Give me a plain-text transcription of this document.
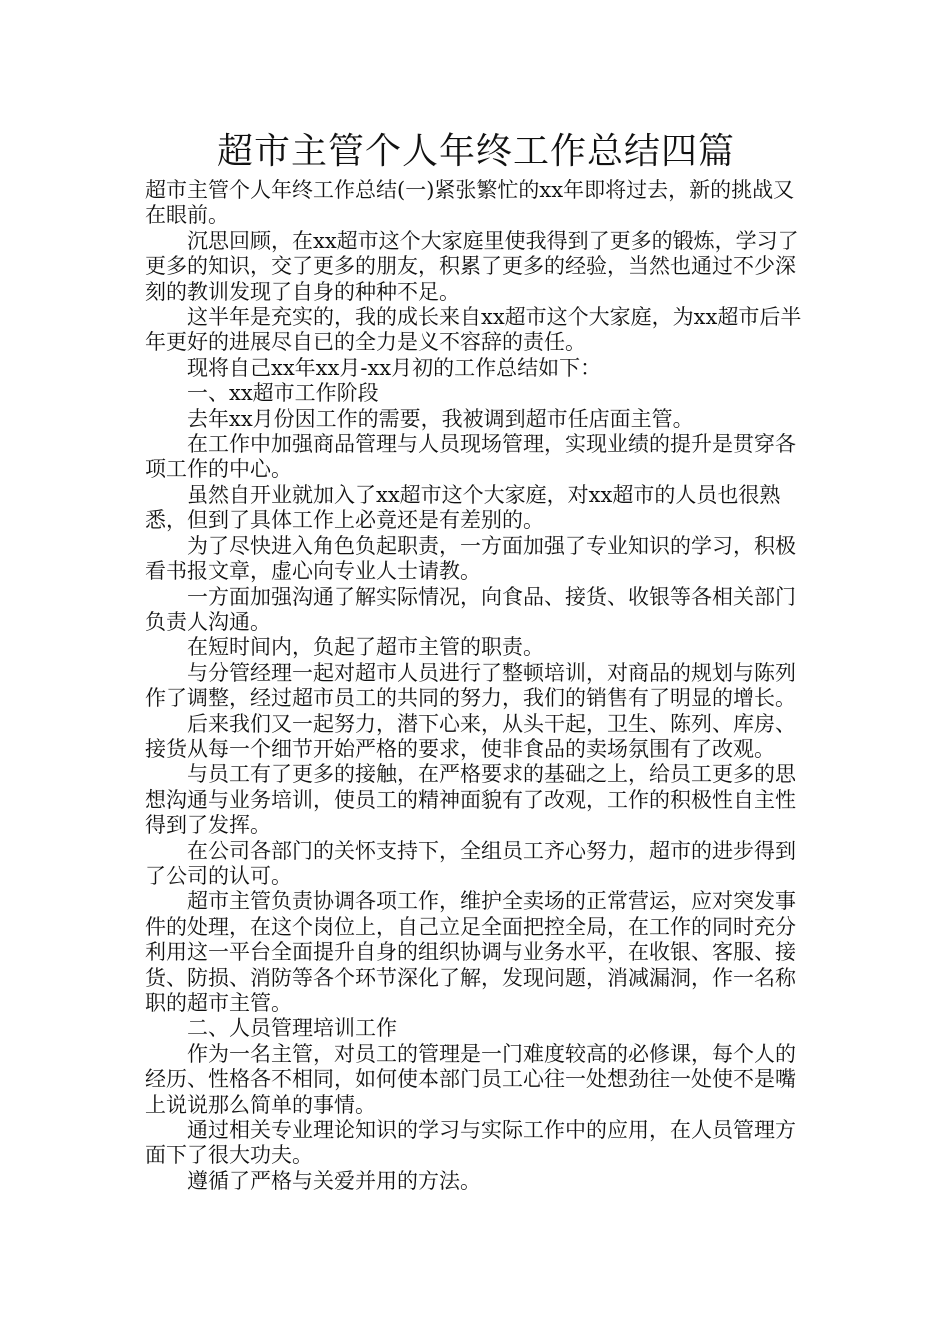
超市主管个人年终工作总结四篇

超市主管个人年终工作总结(一)紧张繁忙的xx年即将过去，新的挑战又在眼前。

沉思回顾，在xx超市这个大家庭里使我得到了更多的锻炼，学习了更多的知识，交了更多的朋友，积累了更多的经验，当然也通过不少深刻的教训发现了自身的种种不足。

这半年是充实的，我的成长来自xx超市这个大家庭，为xx超市后半年更好的进展尽自已的全力是义不容辞的责任。

现将自己xx年xx月-xx月初的工作总结如下：

一、xx超市工作阶段

去年xx月份因工作的需要，我被调到超市任店面主管。

在工作中加强商品管理与人员现场管理，实现业绩的提升是贯穿各项工作的中心。

虽然自开业就加入了xx超市这个大家庭，对xx超市的人员也很熟悉，但到了具体工作上必竟还是有差别的。

为了尽快进入角色负起职责，一方面加强了专业知识的学习，积极看书报文章，虚心向专业人士请教。

一方面加强沟通了解实际情况，向食品、接货、收银等各相关部门负责人沟通。

在短时间内，负起了超市主管的职责。

与分管经理一起对超市人员进行了整顿培训，对商品的规划与陈列作了调整，经过超市员工的共同的努力，我们的销售有了明显的增长。

后来我们又一起努力，潜下心来，从头干起，卫生、陈列、库房、接货从每一个细节开始严格的要求，使非食品的卖场氛围有了改观。

与员工有了更多的接触，在严格要求的基础之上，给员工更多的思想沟通与业务培训，使员工的精神面貌有了改观，工作的积极性自主性得到了发挥。

在公司各部门的关怀支持下，全组员工齐心努力，超市的进步得到了公司的认可。

超市主管负责协调各项工作，维护全卖场的正常营运，应对突发事件的处理，在这个岗位上，自己立足全面把控全局，在工作的同时充分利用这一平台全面提升自身的组织协调与业务水平，在收银、客服、接货、防损、消防等各个环节深化了解，发现问题，消减漏洞，作一名称职的超市主管。

二、人员管理培训工作

作为一名主管，对员工的管理是一门难度较高的必修课，每个人的经历、性格各不相同，如何使本部门员工心往一处想劲往一处使不是嘴上说说那么简单的事情。

通过相关专业理论知识的学习与实际工作中的应用，在人员管理方面下了很大功夫。

遵循了严格与关爱并用的方法。
